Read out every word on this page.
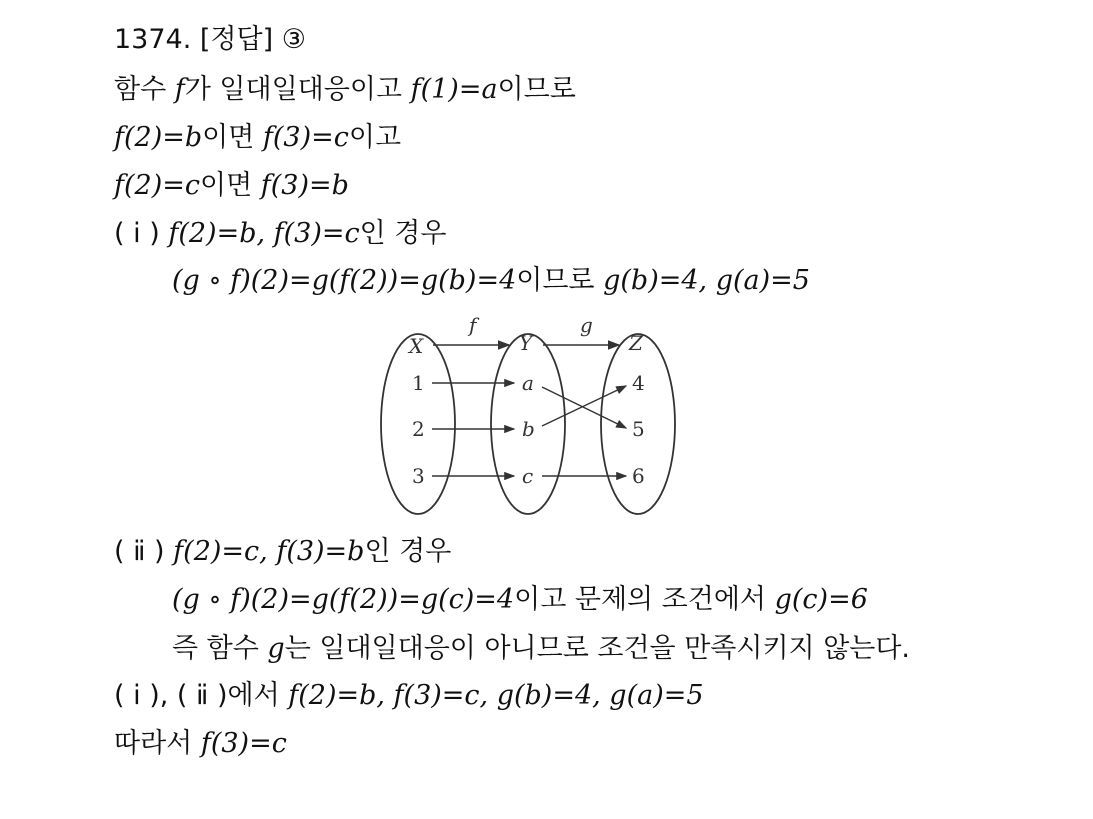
1374. [정답] ③
함수 f가 일대일대응이고 f(1)=a이므로
f(2)=b이면 f(3)=c이고
f(2)=c이면 f(3)=b
( ⅰ ) f(2)=b, f(3)=c인 경우
(g ∘ f)(2)=g(f(2))=g(b)=4이므로 g(b)=4, g(a)=5
X	Y	Z
f	g
1
2
3
a
b
c
4
5
6
( ⅱ ) f(2)=c, f(3)=b인 경우
(g ∘ f)(2)=g(f(2))=g(c)=4이고 문제의 조건에서 g(c)=6
즉 함수 g는 일대일대응이 아니므로 조건을 만족시키지 않는다.
( ⅰ ), ( ⅱ )에서 f(2)=b, f(3)=c, g(b)=4, g(a)=5
따라서 f(3)=c
